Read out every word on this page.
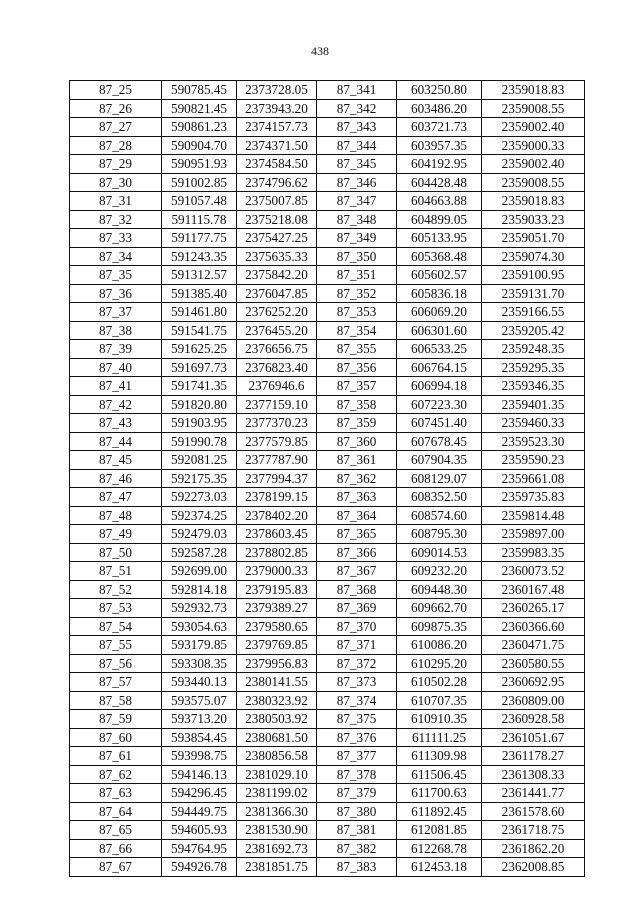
438
87_25	590785.45	2373728.05	87_341	603250.80	2359018.83
87_26	590821.45	2373943.20	87_342	603486.20	2359008.55
87_27	590861.23	2374157.73	87_343	603721.73	2359002.40
87_28	590904.70	2374371.50	87_344	603957.35	2359000.33
87_29	590951.93	2374584.50	87_345	604192.95	2359002.40
87_30	591002.85	2374796.62	87_346	604428.48	2359008.55
87_31	591057.48	2375007.85	87_347	604663.88	2359018.83
87_32	591115.78	2375218.08	87_348	604899.05	2359033.23
87_33	591177.75	2375427.25	87_349	605133.95	2359051.70
87_34	591243.35	2375635.33	87_350	605368.48	2359074.30
87_35	591312.57	2375842.20	87_351	605602.57	2359100.95
87_36	591385.40	2376047.85	87_352	605836.18	2359131.70
87_37	591461.80	2376252.20	87_353	606069.20	2359166.55
87_38	591541.75	2376455.20	87_354	606301.60	2359205.42
87_39	591625.25	2376656.75	87_355	606533.25	2359248.35
87_40	591697.73	2376823.40	87_356	606764.15	2359295.35
87_41	591741.35	2376946.6	87_357	606994.18	2359346.35
87_42	591820.80	2377159.10	87_358	607223.30	2359401.35
87_43	591903.95	2377370.23	87_359	607451.40	2359460.33
87_44	591990.78	2377579.85	87_360	607678.45	2359523.30
87_45	592081.25	2377787.90	87_361	607904.35	2359590.23
87_46	592175.35	2377994.37	87_362	608129.07	2359661.08
87_47	592273.03	2378199.15	87_363	608352.50	2359735.83
87_48	592374.25	2378402.20	87_364	608574.60	2359814.48
87_49	592479.03	2378603.45	87_365	608795.30	2359897.00
87_50	592587.28	2378802.85	87_366	609014.53	2359983.35
87_51	592699.00	2379000.33	87_367	609232.20	2360073.52
87_52	592814.18	2379195.83	87_368	609448.30	2360167.48
87_53	592932.73	2379389.27	87_369	609662.70	2360265.17
87_54	593054.63	2379580.65	87_370	609875.35	2360366.60
87_55	593179.85	2379769.85	87_371	610086.20	2360471.75
87_56	593308.35	2379956.83	87_372	610295.20	2360580.55
87_57	593440.13	2380141.55	87_373	610502.28	2360692.95
87_58	593575.07	2380323.92	87_374	610707.35	2360809.00
87_59	593713.20	2380503.92	87_375	610910.35	2360928.58
87_60	593854.45	2380681.50	87_376	611111.25	2361051.67
87_61	593998.75	2380856.58	87_377	611309.98	2361178.27
87_62	594146.13	2381029.10	87_378	611506.45	2361308.33
87_63	594296.45	2381199.02	87_379	611700.63	2361441.77
87_64	594449.75	2381366.30	87_380	611892.45	2361578.60
87_65	594605.93	2381530.90	87_381	612081.85	2361718.75
87_66	594764.95	2381692.73	87_382	612268.78	2361862.20
87_67	594926.78	2381851.75	87_383	612453.18	2362008.85
